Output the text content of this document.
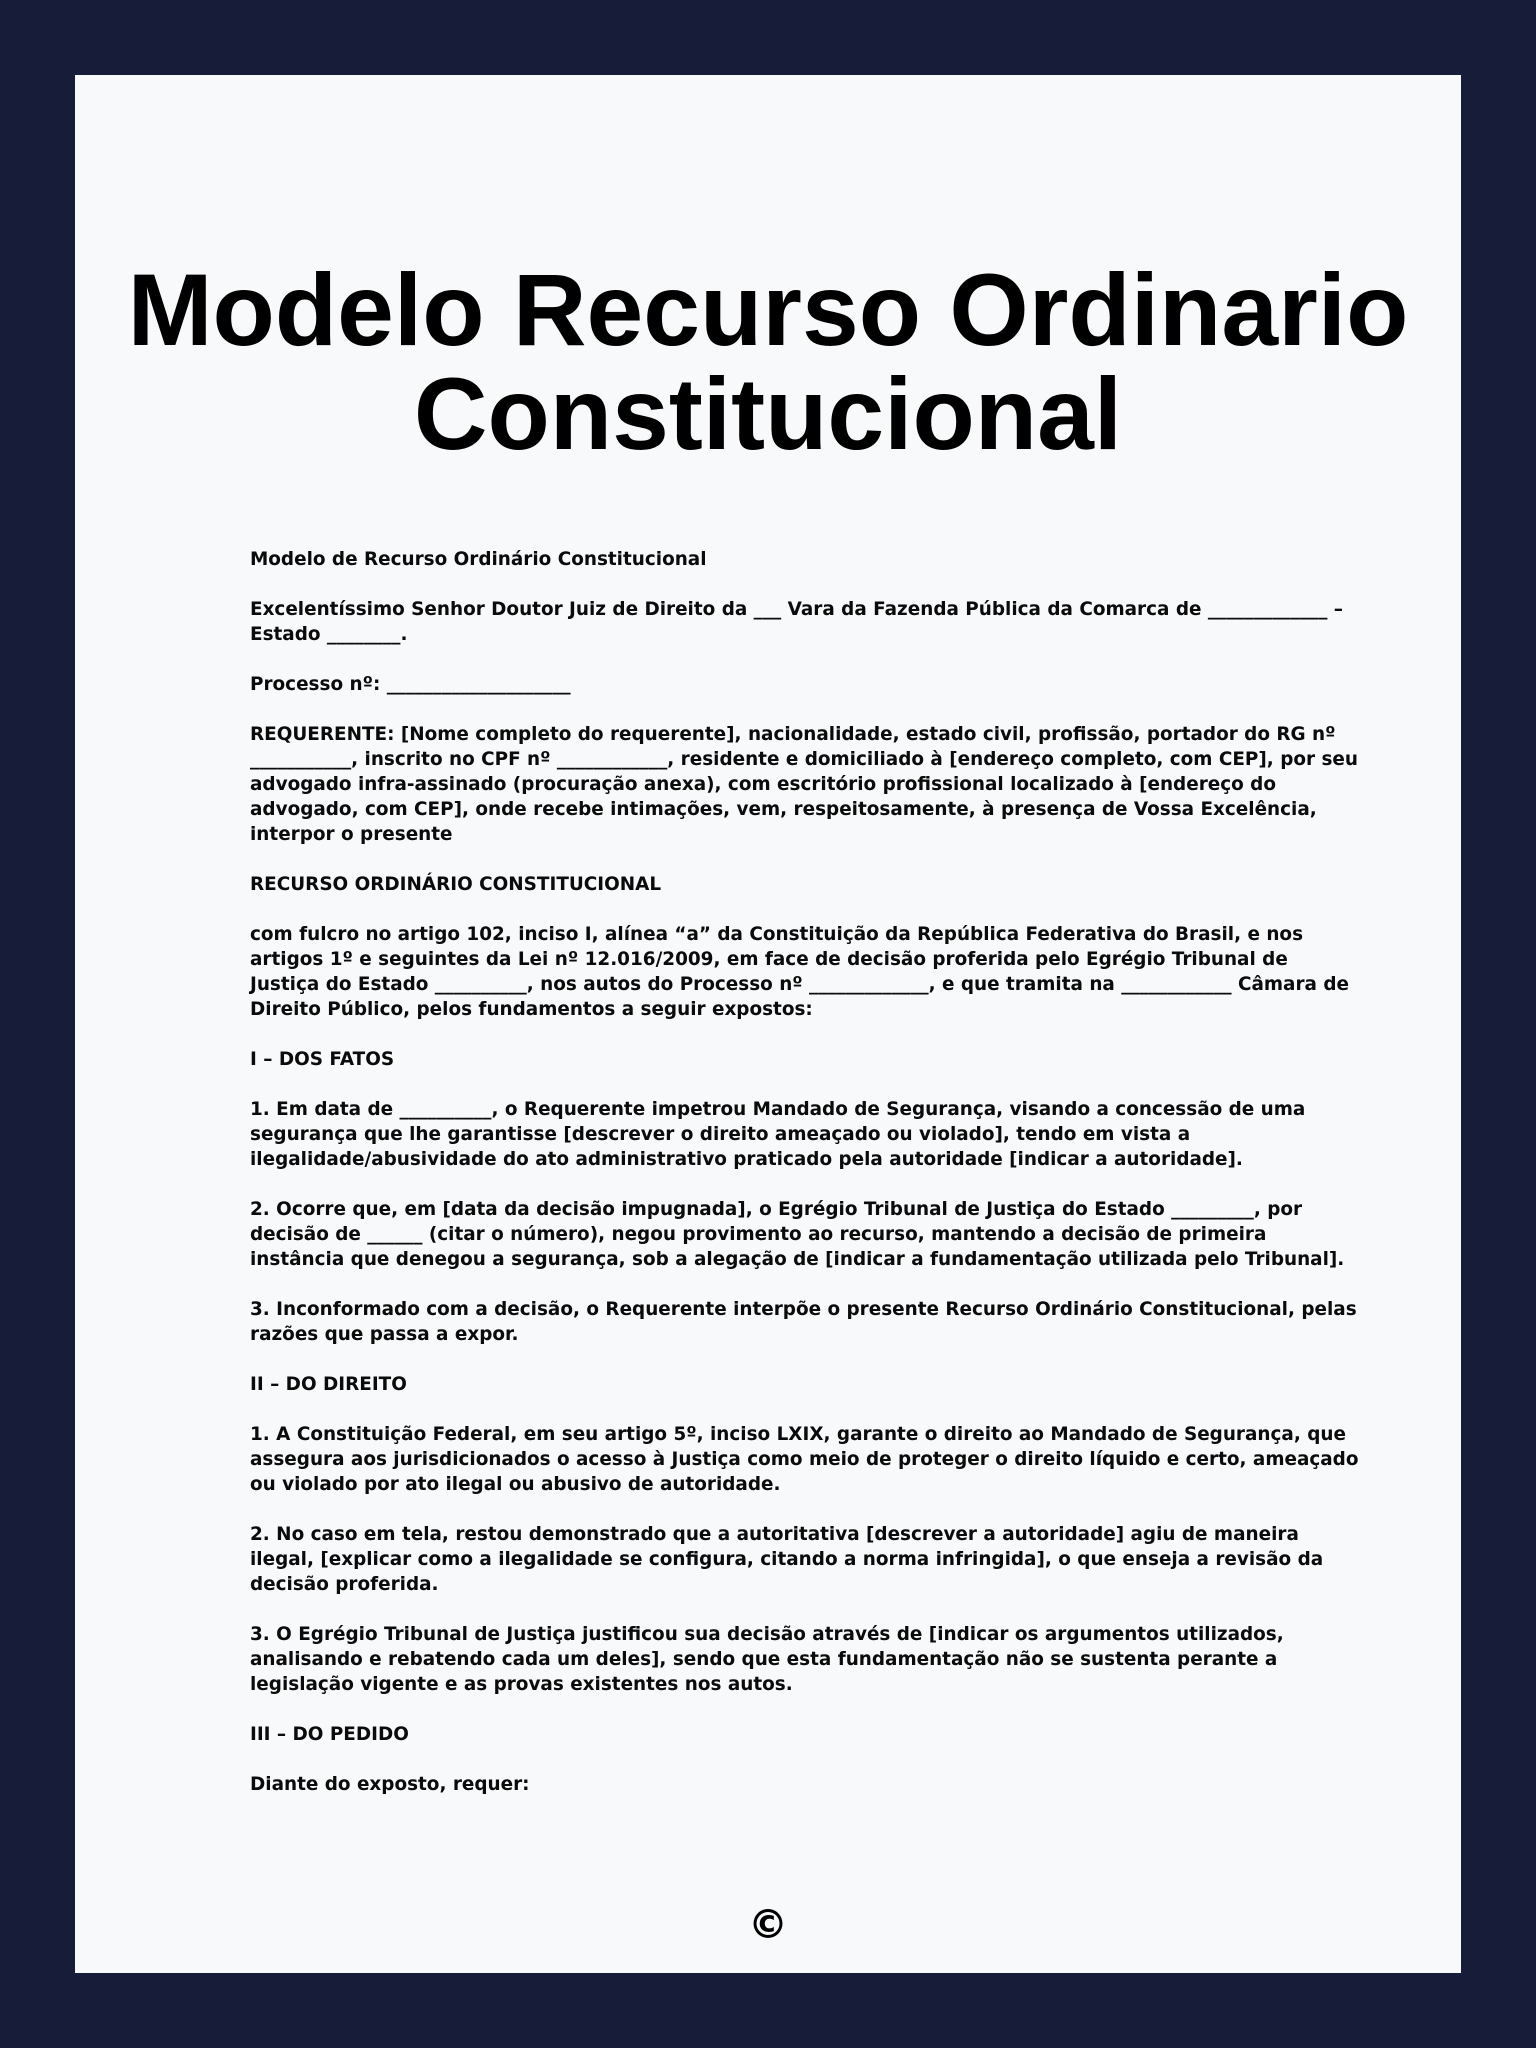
Modelo Recurso Ordinario
Constitucional

Modelo de Recurso Ordinário Constitucional

Excelentíssimo Senhor Doutor Juiz de Direito da ___ Vara da Fazenda Pública da Comarca de _____________ – Estado ________.

Processo nº: ____________________

REQUERENTE: [Nome completo do requerente], nacionalidade, estado civil, profissão, portador do RG nº ___________, inscrito no CPF nº ____________, residente e domiciliado à [endereço completo, com CEP], por seu advogado infra-assinado (procuração anexa), com escritório profissional localizado à [endereço do advogado, com CEP], onde recebe intimações, vem, respeitosamente, à presença de Vossa Excelência, interpor o presente

RECURSO ORDINÁRIO CONSTITUCIONAL

com fulcro no artigo 102, inciso I, alínea “a” da Constituição da República Federativa do Brasil, e nos artigos 1º e seguintes da Lei nº 12.016/2009, em face de decisão proferida pelo Egrégio Tribunal de Justiça do Estado __________, nos autos do Processo nº _____________, e que tramita na ____________ Câmara de Direito Público, pelos fundamentos a seguir expostos:

I – DOS FATOS

1. Em data de __________, o Requerente impetrou Mandado de Segurança, visando a concessão de uma segurança que lhe garantisse [descrever o direito ameaçado ou violado], tendo em vista a ilegalidade/abusividade do ato administrativo praticado pela autoridade [indicar a autoridade].

2. Ocorre que, em [data da decisão impugnada], o Egrégio Tribunal de Justiça do Estado _________, por decisão de ______ (citar o número), negou provimento ao recurso, mantendo a decisão de primeira instância que denegou a segurança, sob a alegação de [indicar a fundamentação utilizada pelo Tribunal].

3. Inconformado com a decisão, o Requerente interpõe o presente Recurso Ordinário Constitucional, pelas razões que passa a expor.

II – DO DIREITO

1. A Constituição Federal, em seu artigo 5º, inciso LXIX, garante o direito ao Mandado de Segurança, que assegura aos jurisdicionados o acesso à Justiça como meio de proteger o direito líquido e certo, ameaçado ou violado por ato ilegal ou abusivo de autoridade.

2. No caso em tela, restou demonstrado que a autoritativa [descrever a autoridade] agiu de maneira ilegal, [explicar como a ilegalidade se configura, citando a norma infringida], o que enseja a revisão da decisão proferida.

3. O Egrégio Tribunal de Justiça justificou sua decisão através de [indicar os argumentos utilizados, analisando e rebatendo cada um deles], sendo que esta fundamentação não se sustenta perante a legislação vigente e as provas existentes nos autos.

III – DO PEDIDO

Diante do exposto, requer:

©
